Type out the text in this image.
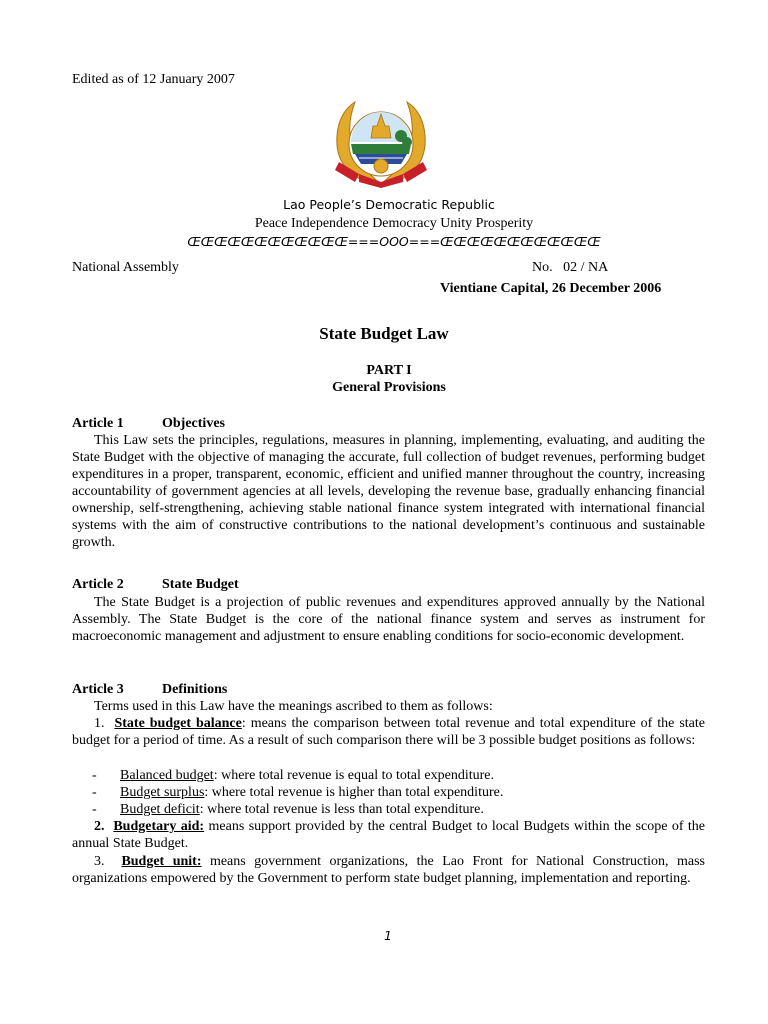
Edited as of 12 January 2007
Lao People’s Democratic Republic
Peace Independence Democracy Unity Prosperity
ŒŒŒŒŒŒŒŒŒŒŒŒ===OOO===ŒŒŒŒŒŒŒŒŒŒŒŒ
National Assembly	No.   02 / NA
Vientiane Capital, 26 December 2006
State Budget Law
PART I
General Provisions
Article 1	Objectives
This Law sets the principles, regulations, measures in planning, implementing, evaluating, and auditing the State Budget with the objective of managing the accurate, full collection of budget revenues, performing budget expenditures in a proper, transparent, economic, efficient and unified manner throughout the country, increasing accountability of government agencies at all levels, developing the revenue base, gradually enhancing financial ownership, self-strengthening, achieving stable national finance system integrated with international financial systems with the aim of constructive contributions to the national development’s continuous and sustainable growth.
Article 2	State Budget
The State Budget is a projection of public revenues and expenditures approved annually by the National Assembly. The State Budget is the core of the national finance system and serves as instrument for macroeconomic management and adjustment to ensure enabling conditions for socio-economic development.
Article 3	Definitions
Terms used in this Law have the meanings ascribed to them as follows:
1. State budget balance: means the comparison between total revenue and total expenditure of the state budget for a period of time. As a result of such comparison there will be 3 possible budget positions as follows:
- Balanced budget: where total revenue is equal to total expenditure.
- Budget surplus: where total revenue is higher than total expenditure.
- Budget deficit: where total revenue is less than total expenditure.
2. Budgetary aid: means support provided by the central Budget to local Budgets within the scope of the annual State Budget.
3. Budget unit: means government organizations, the Lao Front for National Construction, mass organizations empowered by the Government to perform state budget planning, implementation and reporting.
1
